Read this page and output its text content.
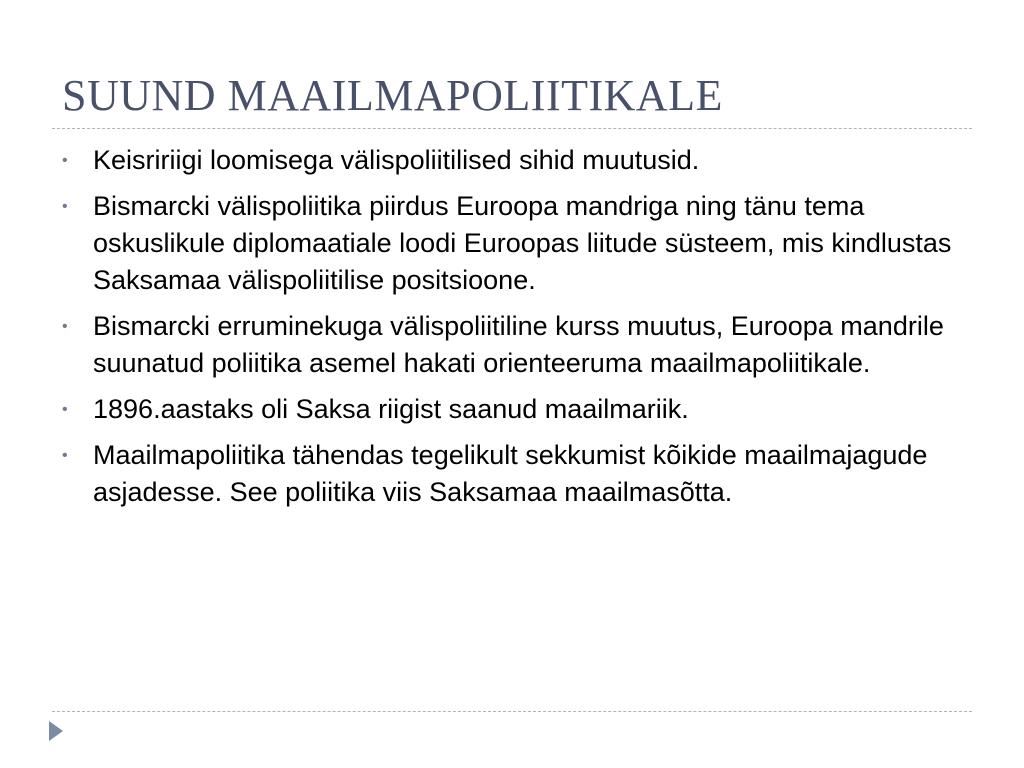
SUUND MAAILMAPOLIITIKALE
• Keisririigi loomisega välispoliitilised sihid muutusid.
• Bismarcki välispoliitika piirdus Euroopa mandriga ning tänu tema oskuslikule diplomaatiale loodi Euroopas liitude süsteem, mis kindlustas Saksamaa välispoliitilise positsioone.
• Bismarcki erruminekuga välispoliitiline kurss muutus, Euroopa mandrile suunatud poliitika asemel hakati orienteeruma maailmapoliitikale.
• 1896.aastaks oli Saksa riigist saanud maailmariik.
• Maailmapoliitika tähendas tegelikult sekkumist kõikide maailmajagude asjadesse. See poliitika viis Saksamaa maailmasõtta.
